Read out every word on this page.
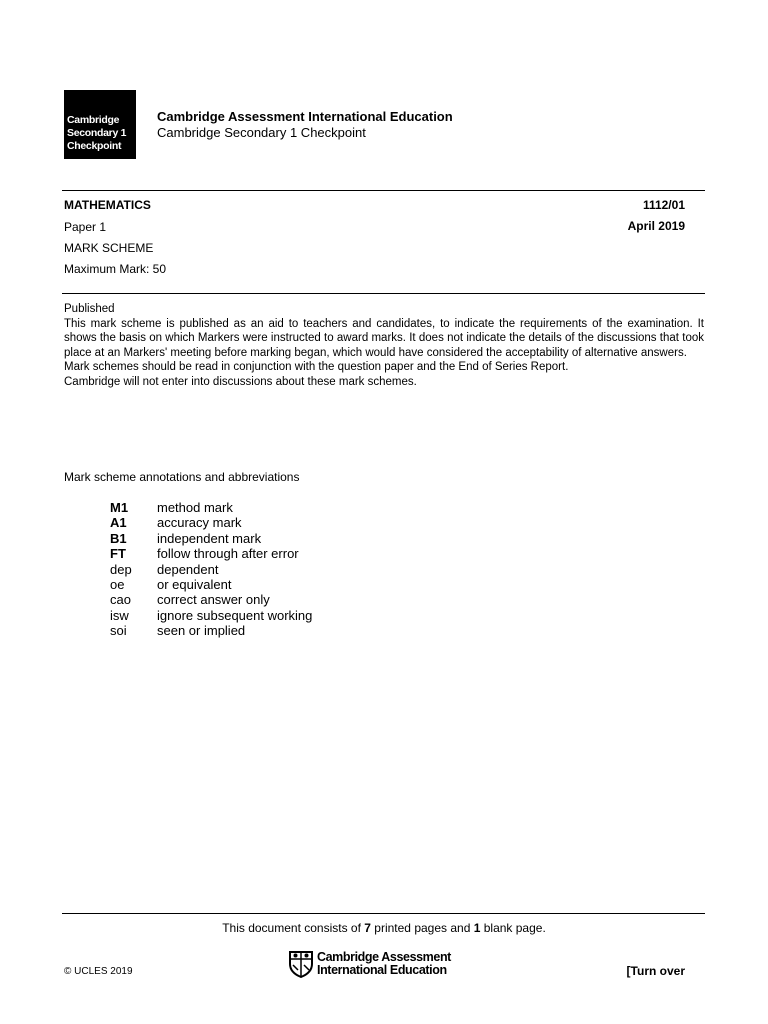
Cambridge
Secondary 1
Checkpoint
Cambridge Assessment International Education
Cambridge Secondary 1 Checkpoint
MATHEMATICS	1112/01
Paper 1	April 2019
MARK SCHEME
Maximum Mark: 50

Published

This mark scheme is published as an aid to teachers and candidates, to indicate the requirements of the examination. It shows the basis on which Markers were instructed to award marks. It does not indicate the details of the discussions that took place at an Markers' meeting before marking began, which would have considered the acceptability of alternative answers.

Mark schemes should be read in conjunction with the question paper and the End of Series Report.

Cambridge will not enter into discussions about these mark schemes.

Mark scheme annotations and abbreviations
M1	method mark
A1	accuracy mark
B1	independent mark
FT	follow through after error
dep	dependent
oe	or equivalent
cao	correct answer only
isw	ignore subsequent working
soi	seen or implied
This document consists of 7 printed pages and 1 blank page.
© UCLES 2019
Cambridge Assessment
International Education	[Turn over
